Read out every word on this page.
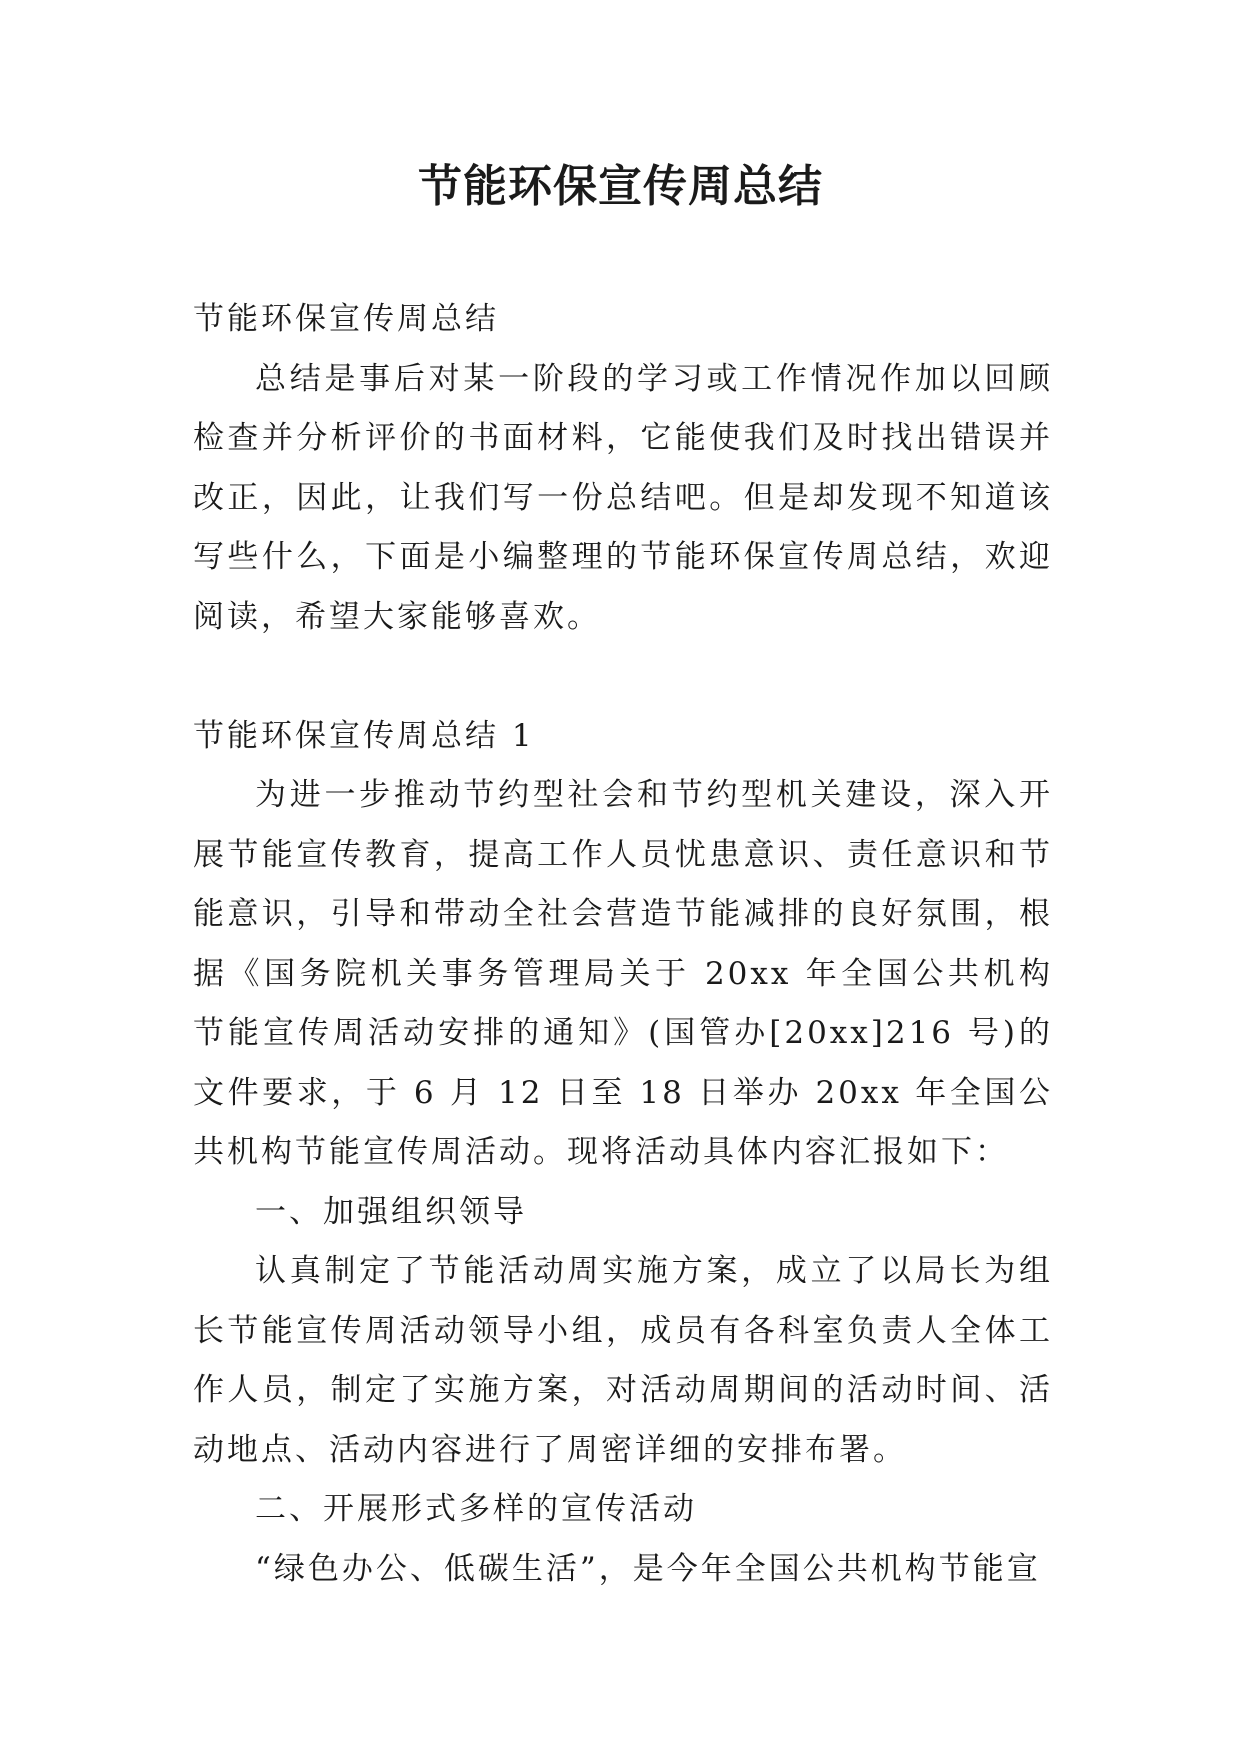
节能环保宣传周总结

节能环保宣传周总结

总结是事后对某一阶段的学习或工作情况作加以回顾检查并分析评价的书面材料，它能使我们及时找出错误并改正，因此，让我们写一份总结吧。但是却发现不知道该写些什么，下面是小编整理的节能环保宣传周总结，欢迎阅读，希望大家能够喜欢。

节能环保宣传周总结 1

为进一步推动节约型社会和节约型机关建设，深入开展节能宣传教育，提高工作人员忧患意识、责任意识和节能意识，引导和带动全社会营造节能减排的良好氛围，根据《国务院机关事务管理局关于 20xx 年全国公共机构节能宣传周活动安排的通知》(国管办[20xx]216 号)的文件要求，于 6 月 12 日至 18 日举办 20xx 年全国公共机构节能宣传周活动。现将活动具体内容汇报如下：

一、加强组织领导

认真制定了节能活动周实施方案，成立了以局长为组长节能宣传周活动领导小组，成员有各科室负责人全体工作人员，制定了实施方案，对活动周期间的活动时间、活动地点、活动内容进行了周密详细的安排布署。

二、开展形式多样的宣传活动

“绿色办公、低碳生活”，是今年全国公共机构节能宣
